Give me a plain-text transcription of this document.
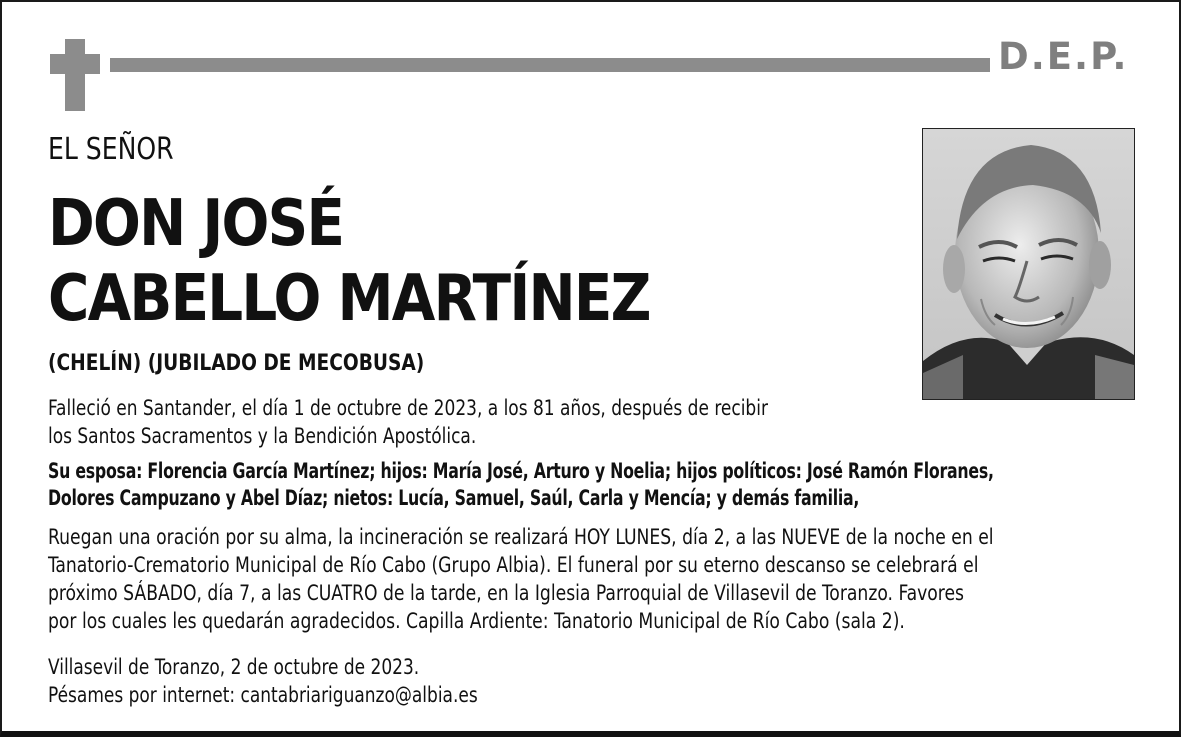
D.E.P.
EL SEÑOR
DON JOSÉ
CABELLO MARTÍNEZ
(CHELÍN) (JUBILADO DE MECOBUSA)
Falleció en Santander, el día 1 de octubre de 2023, a los 81 años, después de recibir
los Santos Sacramentos y la Bendición Apostólica.
Su esposa: Florencia García Martínez; hijos: María José, Arturo y Noelia; hijos políticos: José Ramón Floranes,
Dolores Campuzano y Abel Díaz; nietos: Lucía, Samuel, Saúl, Carla y Mencía; y demás familia,
Ruegan una oración por su alma, la incineración se realizará HOY LUNES, día 2, a las NUEVE de la noche en el
Tanatorio-Crematorio Municipal de Río Cabo (Grupo Albia). El funeral por su eterno descanso se celebrará el
próximo SÁBADO, día 7, a las CUATRO de la tarde, en la Iglesia Parroquial de Villasevil de Toranzo. Favores
por los cuales les quedarán agradecidos. Capilla Ardiente: Tanatorio Municipal de Río Cabo (sala 2).
Villasevil de Toranzo, 2 de octubre de 2023.
Pésames por internet: cantabriariguanzo@albia.es
